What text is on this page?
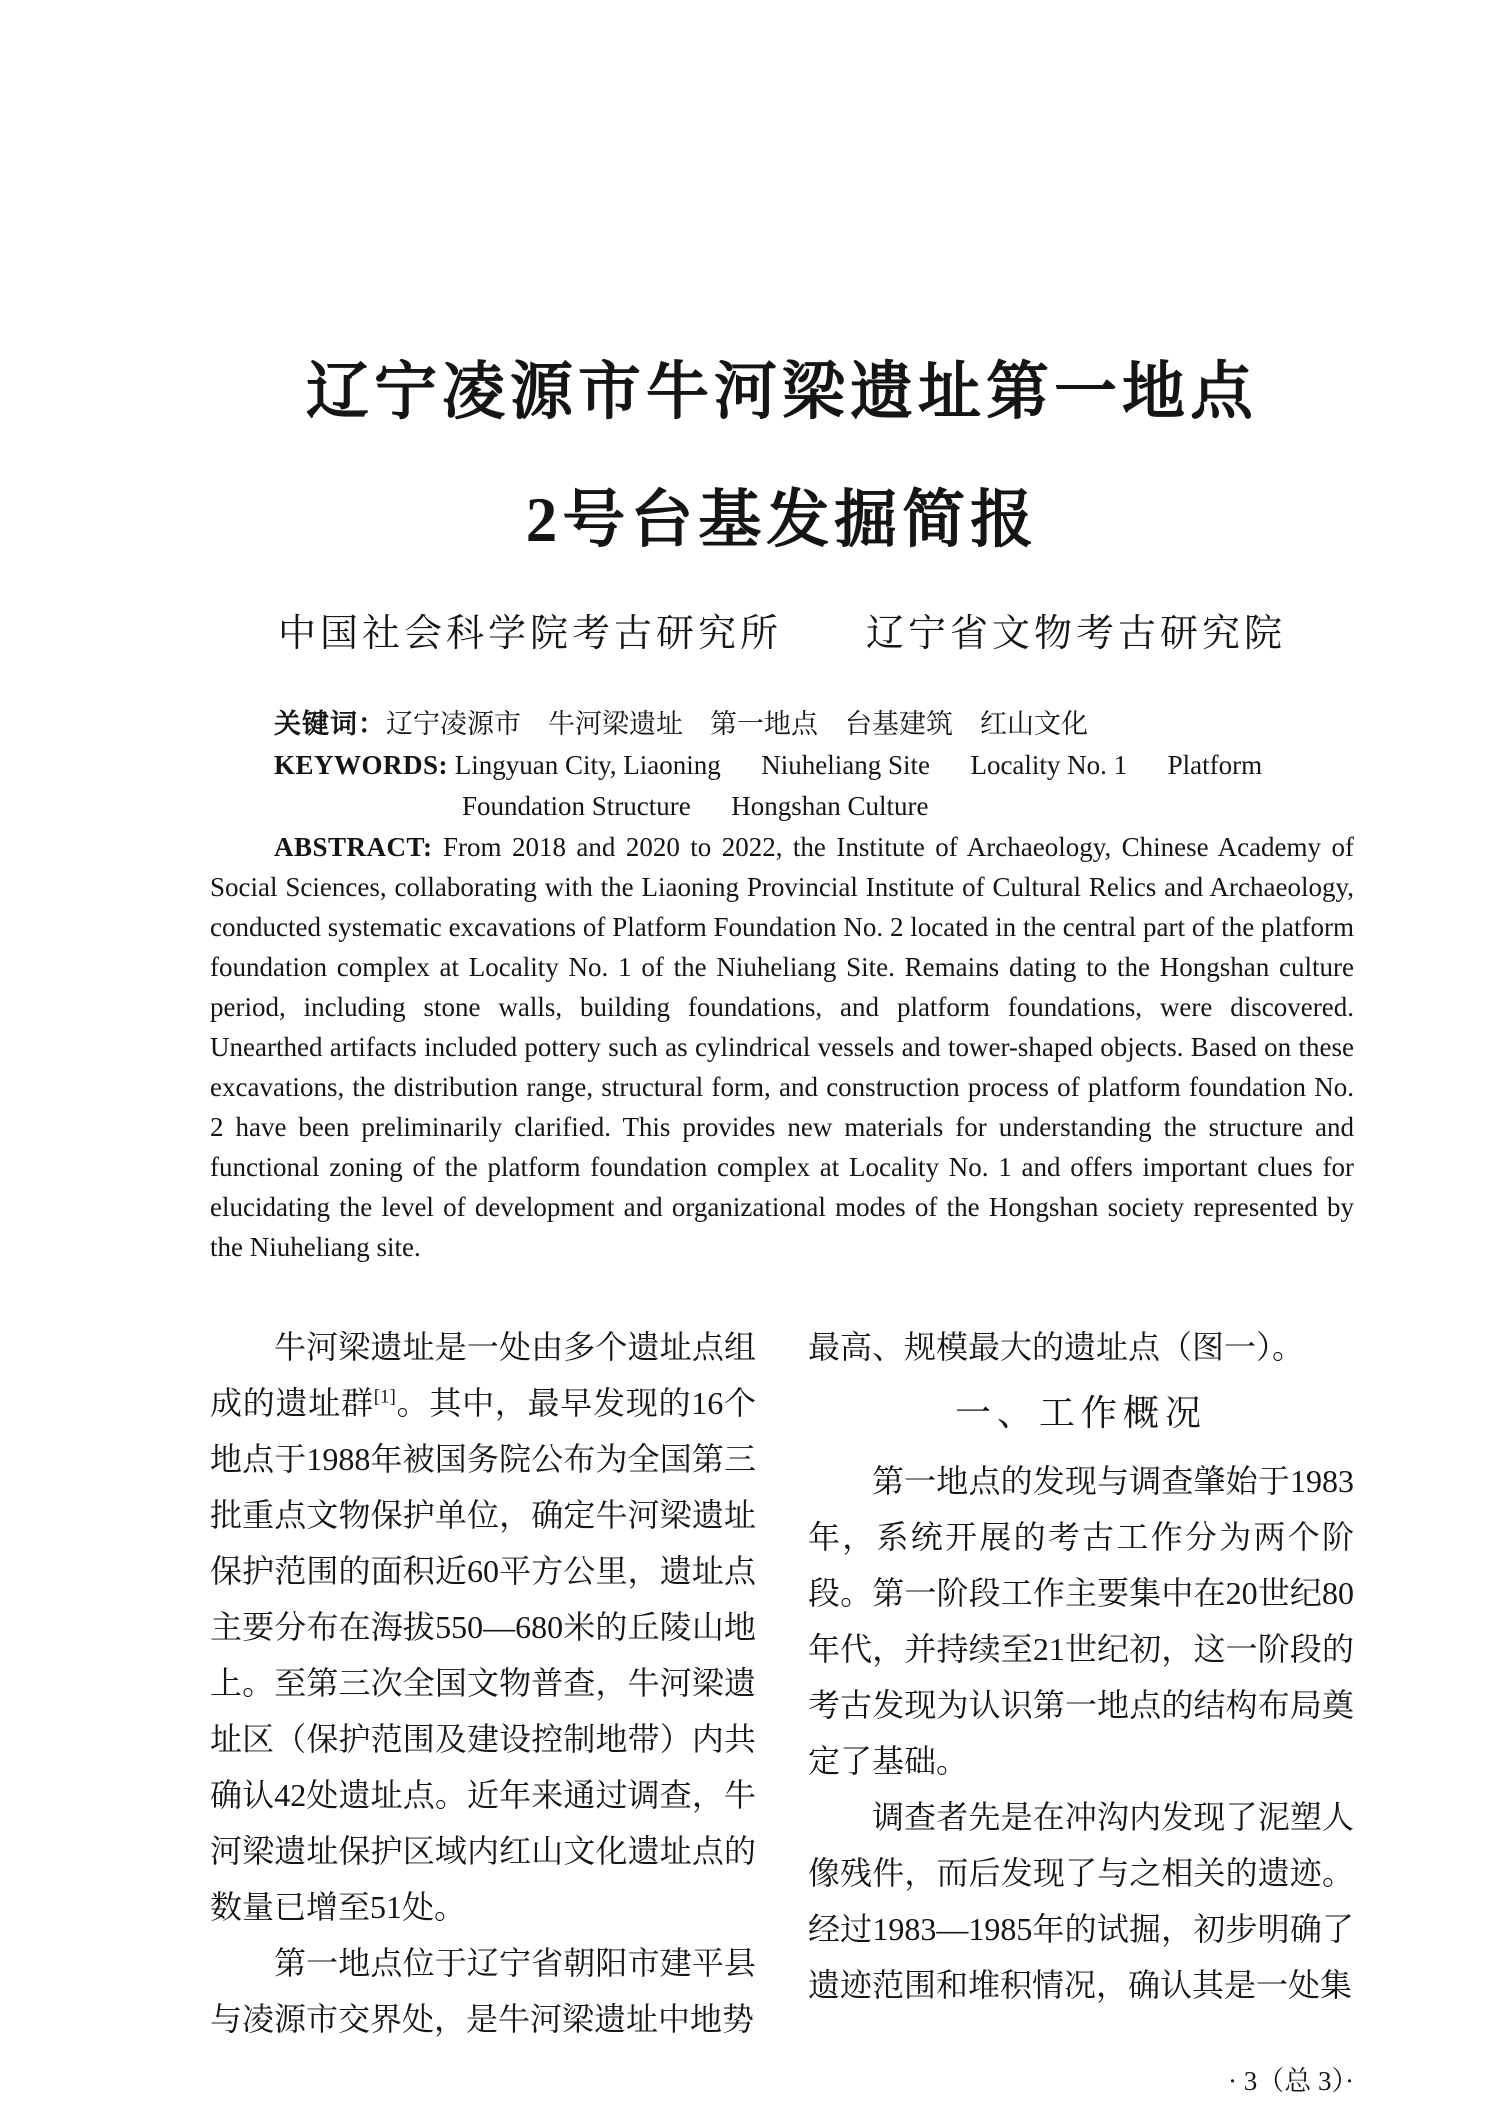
辽宁凌源市牛河梁遗址第一地点
2号台基发掘简报
中国社会科学院考古研究所　　辽宁省文物考古研究院

关键词：辽宁凌源市　牛河梁遗址　第一地点　台基建筑　红山文化

KEYWORDS: Lingyuan City, Liaoning  Niuheliang Site  Locality No. 1  Platform
Foundation Structure  Hongshan Culture

ABSTRACT: From 2018 and 2020 to 2022, the Institute of Archaeology, Chinese Academy of Social Sciences, collaborating with the Liaoning Provincial Institute of Cultural Relics and Archaeology, conducted systematic excavations of Platform Foundation No. 2 located in the central part of the platform foundation complex at Locality No. 1 of the Niuheliang Site. Remains dating to the Hongshan culture period, including stone walls, building foundations, and platform foundations, were discovered. Unearthed artifacts included pottery such as cylindrical vessels and tower-shaped objects. Based on these excavations, the distribution range, structural form, and construction process of platform foundation No. 2 have been preliminarily clarified. This provides new materials for understanding the structure and functional zoning of the platform foundation complex at Locality No. 1 and offers important clues for elucidating the level of development and organizational modes of the Hongshan society represented by the Niuheliang site.

牛河梁遗址是一处由多个遗址点组成的遗址群[1]。其中，最早发现的16个地点于1988年被国务院公布为全国第三批重点文物保护单位，确定牛河梁遗址保护范围的面积近60平方公里，遗址点主要分布在海拔550—680米的丘陵山地上。至第三次全国文物普查，牛河梁遗址区（保护范围及建设控制地带）内共确认42处遗址点。近年来通过调查，牛河梁遗址保护区域内红山文化遗址点的数量已增至51处。

第一地点位于辽宁省朝阳市建平县与凌源市交界处，是牛河梁遗址中地势

最高、规模最大的遗址点（图一）。

一、工作概况

第一地点的发现与调查肇始于1983年，系统开展的考古工作分为两个阶段。第一阶段工作主要集中在20世纪80年代，并持续至21世纪初，这一阶段的考古发现为认识第一地点的结构布局奠定了基础。

调查者先是在冲沟内发现了泥塑人像残件，而后发现了与之相关的遗迹。经过1983—1985年的试掘，初步明确了遗迹范围和堆积情况，确认其是一处集

· 3（总 3）·
